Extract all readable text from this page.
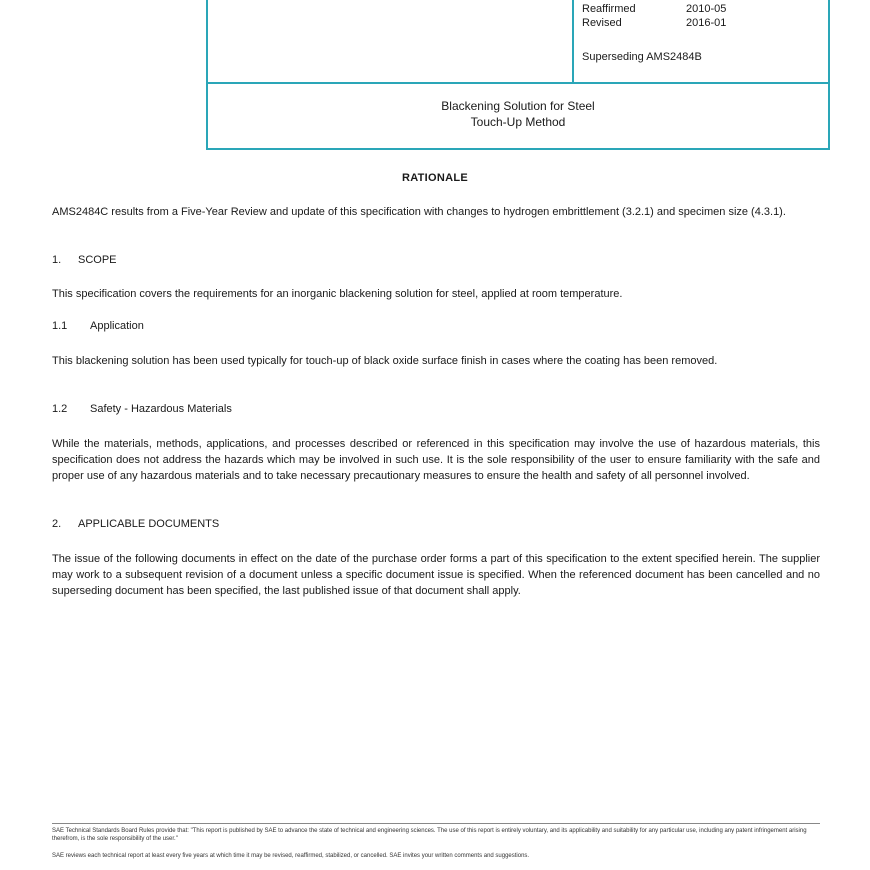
Reaffirmed	2010-05
Revised	2016-01
Superseding AMS2484B
Blackening Solution for Steel
Touch-Up Method
RATIONALE
AMS2484C results from a Five-Year Review and update of this specification with changes to hydrogen embrittlement (3.2.1) and specimen size (4.3.1).
1.	SCOPE
This specification covers the requirements for an inorganic blackening solution for steel, applied at room temperature.
1.1	Application
This blackening solution has been used typically for touch-up of black oxide surface finish in cases where the coating has been removed.
1.2	Safety - Hazardous Materials
While the materials, methods, applications, and processes described or referenced in this specification may involve the use of hazardous materials, this specification does not address the hazards which may be involved in such use. It is the sole responsibility of the user to ensure familiarity with the safe and proper use of any hazardous materials and to take necessary precautionary measures to ensure the health and safety of all personnel involved.
2.	APPLICABLE DOCUMENTS
The issue of the following documents in effect on the date of the purchase order forms a part of this specification to the extent specified herein. The supplier may work to a subsequent revision of a document unless a specific document issue is specified. When the referenced document has been cancelled and no superseding document has been specified, the last published issue of that document shall apply.
SAE Technical Standards Board Rules provide that: "This report is published by SAE to advance the state of technical and engineering sciences. The use of this report is entirely voluntary, and its applicability and suitability for any particular use, including any patent infringement arising therefrom, is the sole responsibility of the user."
SAE reviews each technical report at least every five years at which time it may be revised, reaffirmed, stabilized, or cancelled. SAE invites your written comments and suggestions.
